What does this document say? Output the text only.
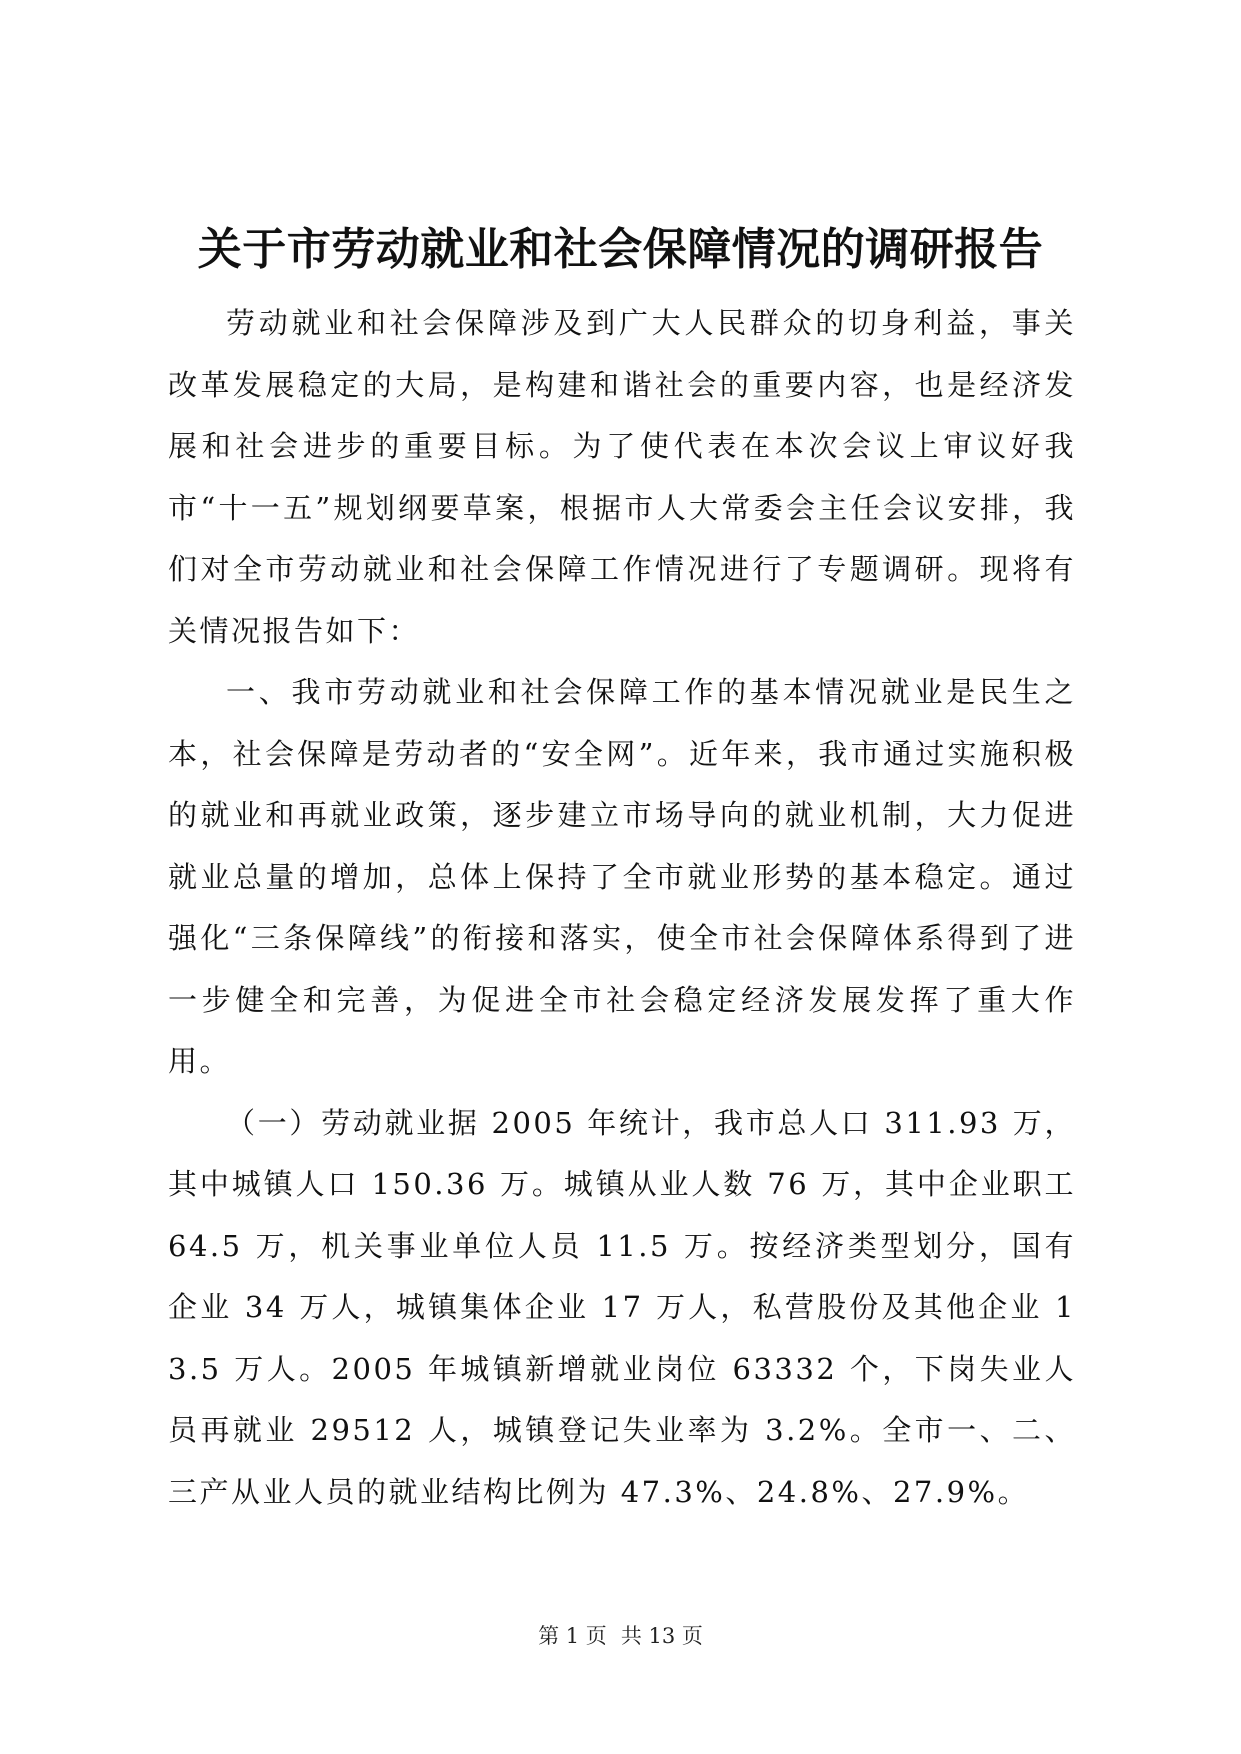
关于市劳动就业和社会保障情况的调研报告

劳动就业和社会保障涉及到广大人民群众的切身利益，事关改革发展稳定的大局，是构建和谐社会的重要内容，也是经济发展和社会进步的重要目标。为了使代表在本次会议上审议好我市“十一五”规划纲要草案，根据市人大常委会主任会议安排，我们对全市劳动就业和社会保障工作情况进行了专题调研。现将有关情况报告如下：

一、我市劳动就业和社会保障工作的基本情况就业是民生之本，社会保障是劳动者的“安全网”。近年来，我市通过实施积极的就业和再就业政策，逐步建立市场导向的就业机制，大力促进就业总量的增加，总体上保持了全市就业形势的基本稳定。通过强化“三条保障线”的衔接和落实，使全市社会保障体系得到了进一步健全和完善，为促进全市社会稳定经济发展发挥了重大作用。

（一）劳动就业据 2005 年统计，我市总人口 311.93 万，其中城镇人口 150.36 万。城镇从业人数 76 万，其中企业职工 64.5 万，机关事业单位人员 11.5 万。按经济类型划分，国有企业 34 万人，城镇集体企业 17 万人，私营股份及其他企业 13.5 万人。2005 年城镇新增就业岗位 63332 个，下岗失业人员再就业 29512 人，城镇登记失业率为 3.2%。全市一、二、三产从业人员的就业结构比例为 47.3%、24.8%、27.9%。

第 1 页 共 13 页
